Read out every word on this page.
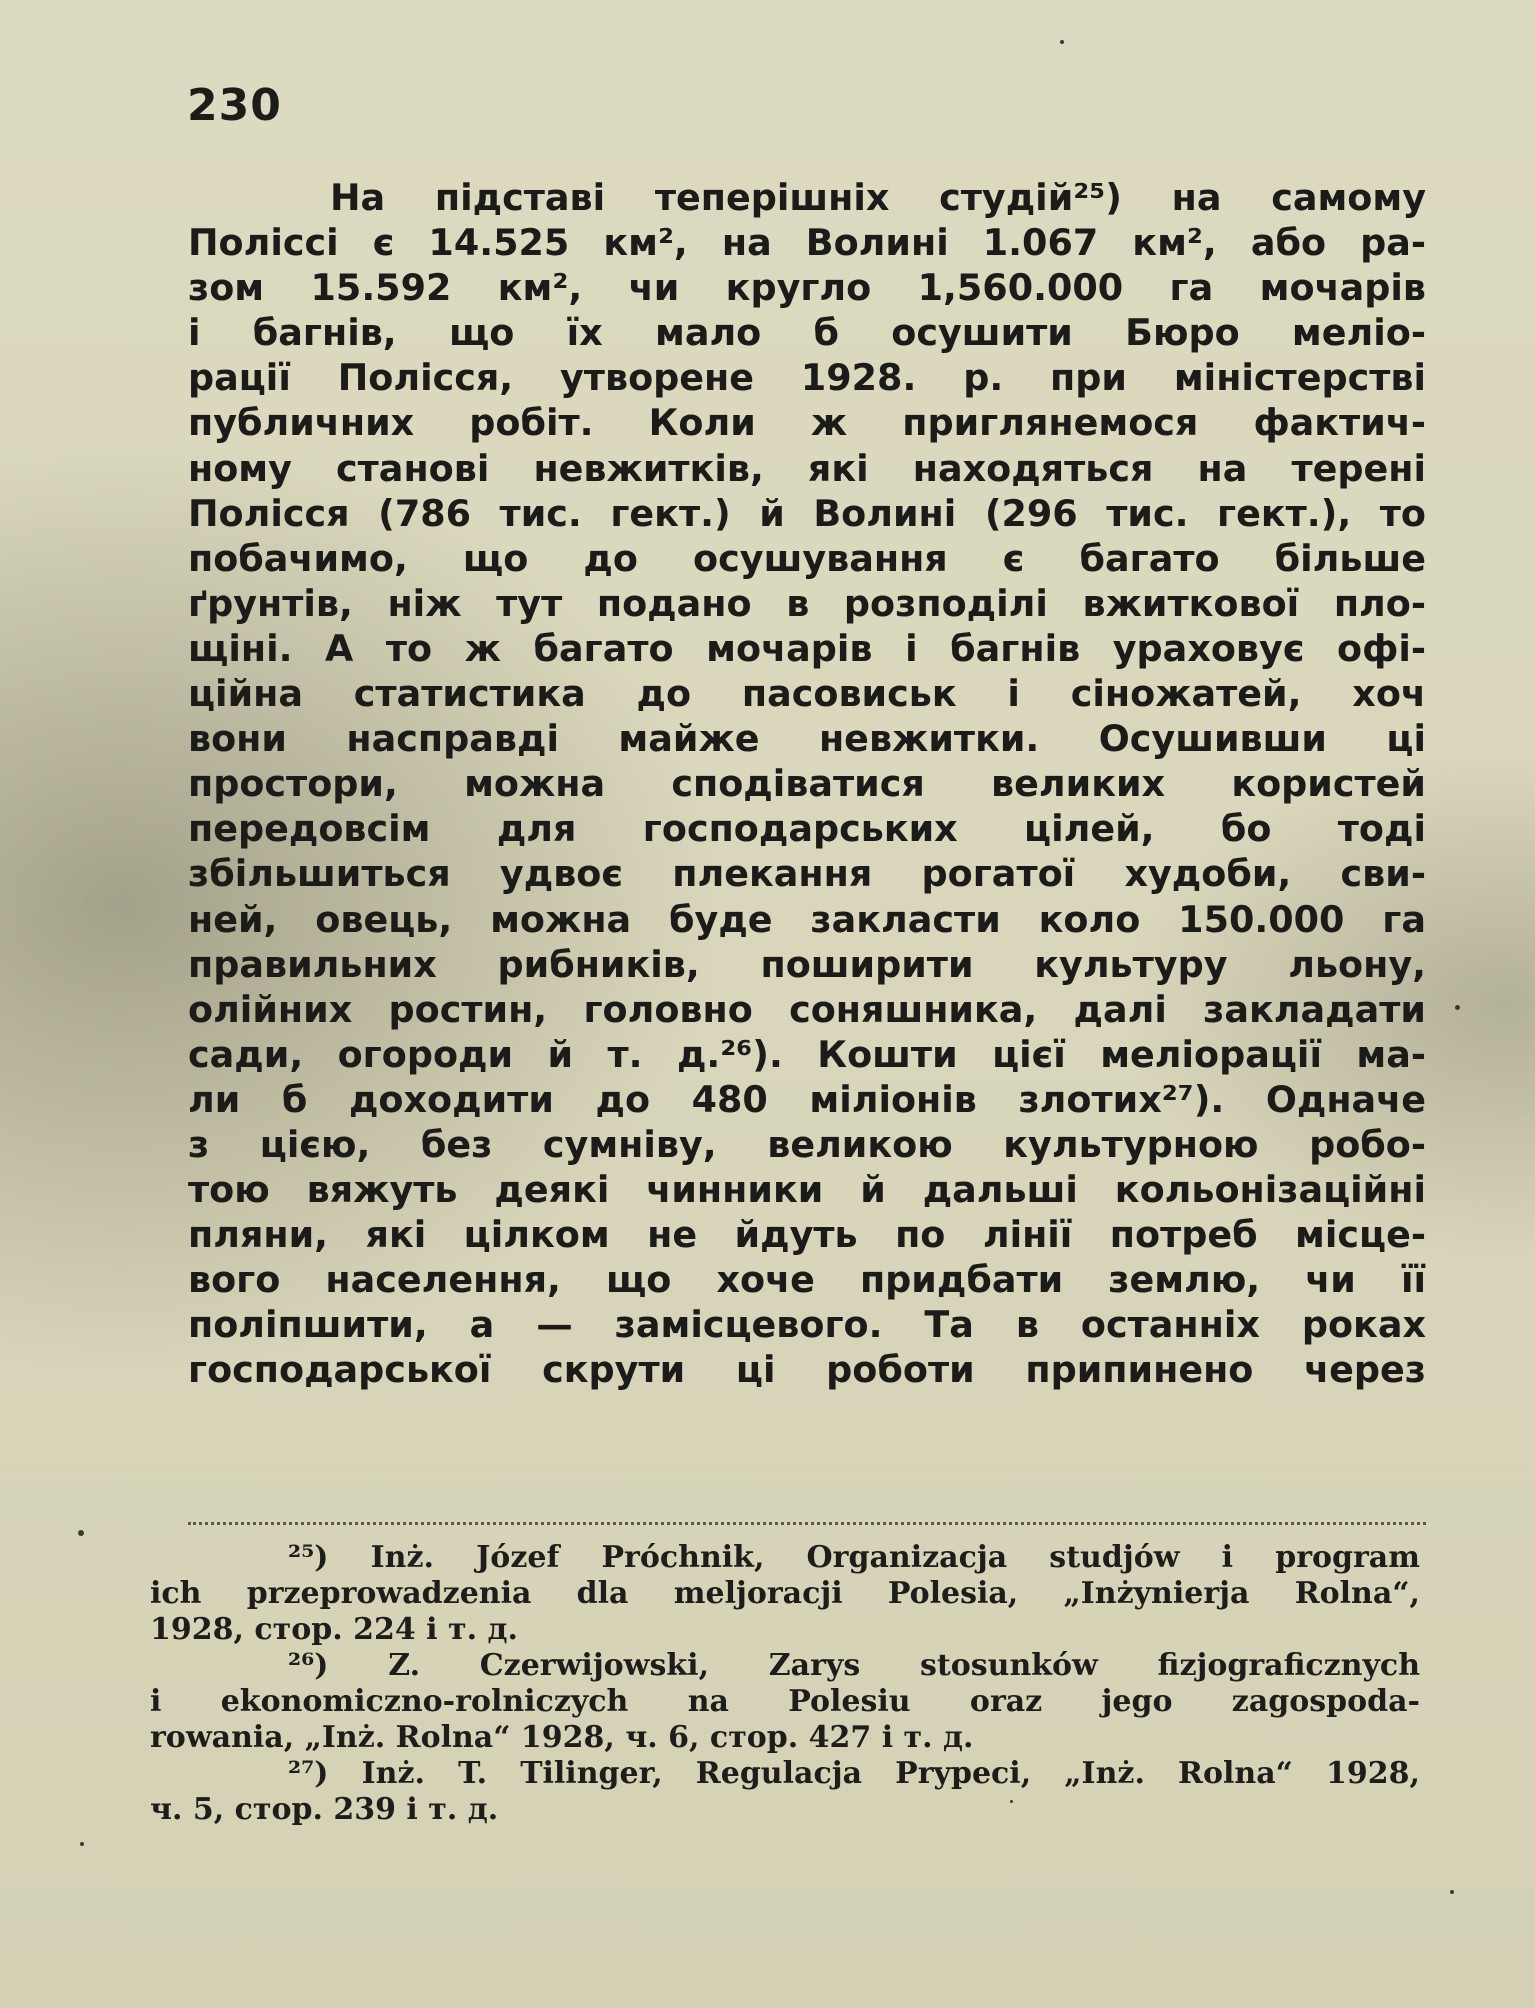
230
На підставі теперішніх студій²⁵) на самому
Поліссі є 14.525 км², на Волині 1.067 км², або ра-
зом 15.592 км², чи кругло 1,560.000 га мочарів
і багнів, що їх мало б осушити Бюро меліо-
рації Полісся, утворене 1928. р. при міністерстві
публичних робіт. Коли ж приглянемося фактич-
ному станові невжитків, які находяться на терені
Полісся (786 тис. гект.) й Волині (296 тис. гект.), то
побачимо, що до осушування є багато більше
ґрунтів, ніж тут подано в розподілі вжиткової пло-
щіні. А то ж багато мочарів і багнів ураховує офі-
ційна статистика до пасовиськ і сіножатей, хоч
вони насправді майже невжитки. Осушивши ці
простори, можна сподіватися великих користей
передовсім для господарських цілей, бо тоді
збільшиться удвоє плекання рогатої худоби, сви-
ней, овець, можна буде закласти коло 150.000 га
правильних рибників, поширити культуру льону,
олійних ростин, головно соняшника, далі закладати
сади, огороди й т. д.²⁶). Кошти цієї меліорації ма-
ли б доходити до 480 міліонів злотих²⁷). Одначе
з цією, без сумніву, великою культурною робо-
тою вяжуть деякі чинники й дальші кольонізаційні
пляни, які цілком не йдуть по лінії потреб місце-
вого населення, що хоче придбати землю, чи її
поліпшити, а — замісцевого. Та в останніх роках
господарської скрути ці роботи припинено через
²⁵) Inż. Józef Próchnik, Organizacja studjów i program
ich przeprowadzenia dla meljoracji Polesia, „Inżynierja Rolna“,
1928, стор. 224 і т. д.
²⁶) Z. Czerwijowski, Zarys stosunków fizjograficznych
i ekonomiczno-rolniczych na Polesiu oraz jego zagospoda-
rowania, „Inż. Rolna“ 1928, ч. 6, стор. 427 і т. д.
²⁷) Inż. T. Tilinger, Regulacja Prypeci, „Inż. Rolna“ 1928,
ч. 5, стор. 239 і т. д.
